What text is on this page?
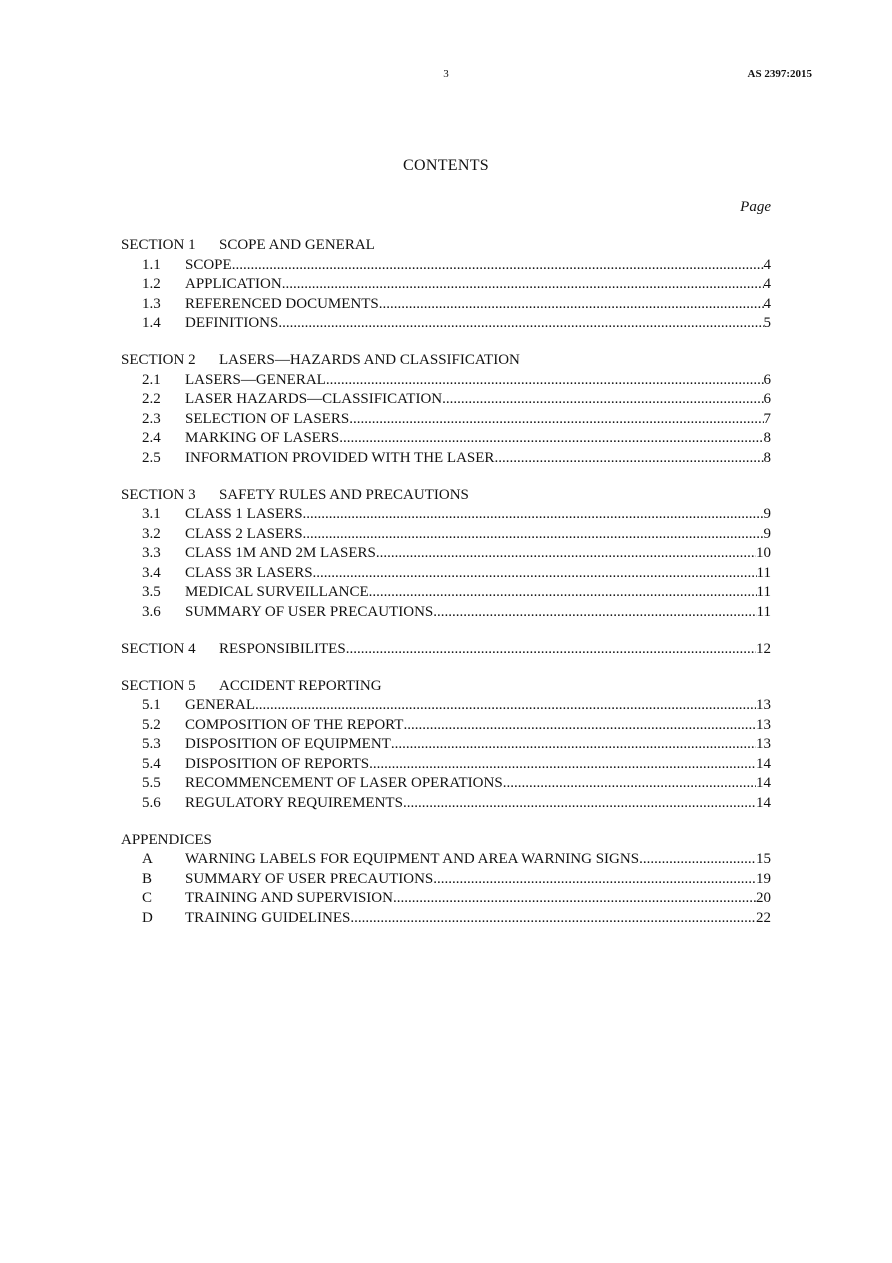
3	AS 2397:2015
CONTENTS
Page
SECTION 1 SCOPE AND GENERAL
1.1	SCOPE .....	4
1.2	APPLICATION .....	4
1.3	REFERENCED DOCUMENTS .....	4
1.4	DEFINITIONS .....	5
SECTION 2 LASERS—HAZARDS AND CLASSIFICATION
2.1	LASERS—GENERAL .....	6
2.2	LASER HAZARDS—CLASSIFICATION .....	6
2.3	SELECTION OF LASERS .....	7
2.4	MARKING OF LASERS .....	8
2.5	INFORMATION PROVIDED WITH THE LASER .....	8
SECTION 3 SAFETY RULES AND PRECAUTIONS
3.1	CLASS 1 LASERS .....	9
3.2	CLASS 2 LASERS .....	9
3.3	CLASS 1M AND 2M LASERS .....	10
3.4	CLASS 3R LASERS .....	11
3.5	MEDICAL SURVEILLANCE .....	11
3.6	SUMMARY OF USER PRECAUTIONS .....	11
SECTION 4	RESPONSIBILITES .....	12
SECTION 5 ACCIDENT REPORTING
5.1	GENERAL .....	13
5.2	COMPOSITION OF THE REPORT .....	13
5.3	DISPOSITION OF EQUIPMENT .....	13
5.4	DISPOSITION OF REPORTS .....	14
5.5	RECOMMENCEMENT OF LASER OPERATIONS .....	14
5.6	REGULATORY REQUIREMENTS .....	14
APPENDICES
A	WARNING LABELS FOR EQUIPMENT AND AREA WARNING SIGNS .....	15
B	SUMMARY OF USER PRECAUTIONS .....	19
C	TRAINING AND SUPERVISION .....	20
D	TRAINING GUIDELINES .....	22
